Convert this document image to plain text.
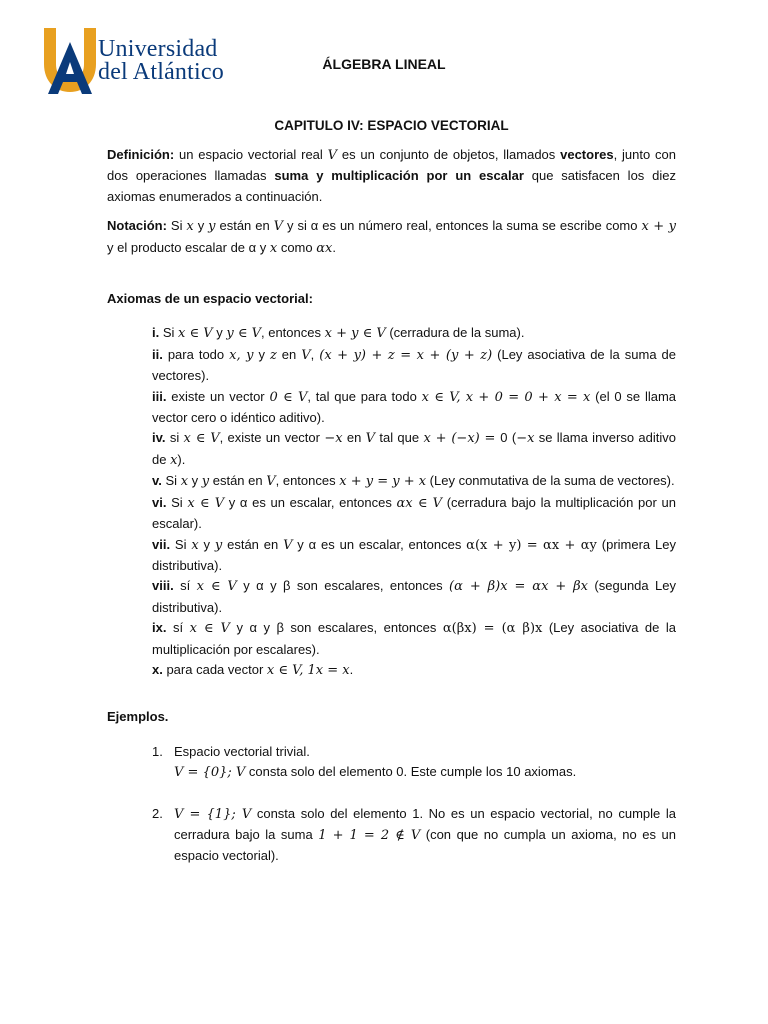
Universidad
del Atlántico	ÁLGEBRA LINEAL
CAPITULO IV: ESPACIO VECTORIAL

Definición: un espacio vectorial real V es un conjunto de objetos, llamados vectores, junto con dos operaciones llamadas suma y multiplicación por un escalar que satisfacen los diez axiomas enumerados a continuación.

Notación: Si x y y están en V y si α es un número real, entonces la suma se escribe como x + y y el producto escalar de α y x como αx.

Axiomas de un espacio vectorial:

i. Si x ∈ V y y ∈ V, entonces x + y ∈ V (cerradura de la suma).

ii. para todo x, y y z en V, (x + y) + z = x + (y + z) (Ley asociativa de la suma de vectores).

iii. existe un vector 0 ∈ V, tal que para todo x ∈ V, x + 0 = 0 + x = x (el 0 se llama vector cero o idéntico aditivo).

iv. si x ∈ V, existe un vector −x en V tal que x + (−x) = 0 (−x se llama inverso aditivo de x).

v. Si x y y están en V, entonces x + y = y + x (Ley conmutativa de la suma de vectores).

vi. Si x ∈ V y α es un escalar, entonces αx ∈ V (cerradura bajo la multiplicación por un escalar).

vii. Si x y y están en V y α es un escalar, entonces α(x + y) = αx + αy (primera Ley distributiva).

viii. sí x ∈ V y α y β son escalares, entonces (α + β)x = αx + βx (segunda Ley distributiva).

ix. sí x ∈ V y α y β son escalares, entonces α(βx) = (α β)x (Ley asociativa de la multiplicación por escalares).

x. para cada vector x ∈ V, 1x = x.

Ejemplos.

1. Espacio vectorial trivial.
V = {0}; V consta solo del elemento 0. Este cumple los 10 axiomas.
2. V = {1}; V consta solo del elemento 1. No es un espacio vectorial, no cumple la cerradura bajo la suma 1 + 1 = 2 ∉ V (con que no cumpla un axioma, no es un espacio vectorial).
